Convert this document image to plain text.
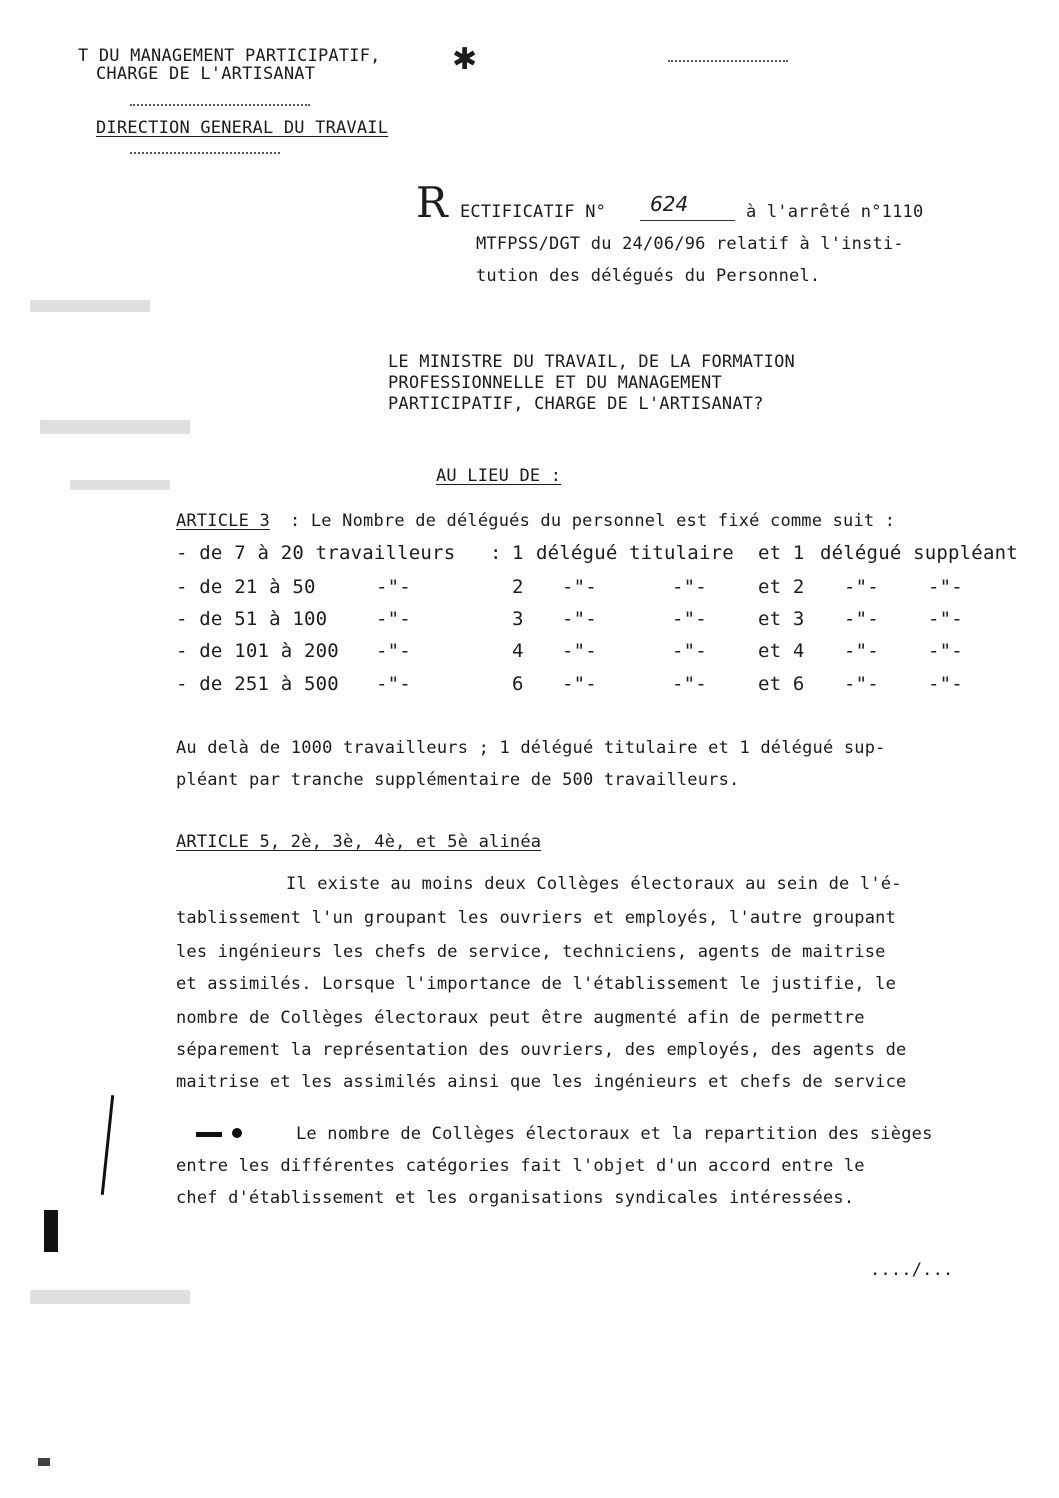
T DU MANAGEMENT PARTICIPATIF,
CHARGE DE L'ARTISANAT	✱
DIRECTION GENERAL DU TRAVAIL
R ECTIFICATIF N° 624	à l'arrêté n°1110
MTFPSS/DGT du 24/06/96 relatif à l'insti-
tution des délégués du Personnel.
LE MINISTRE DU TRAVAIL, DE LA FORMATION
PROFESSIONNELLE ET DU MANAGEMENT
PARTICIPATIF, CHARGE DE L'ARTISANAT?
AU LIEU DE :
ARTICLE 3 : Le Nombre de délégués du personnel est fixé comme suit :
- de 7 à 20 travailleurs : 1 délégué titulaire et 1 délégué suppléant
- de 21 à 50	-"-	2 -"-	-"-	et 2 -"-	-"-
- de 51 à 100	-"-	3 -"-	-"-	et 3 -"-	-"-
- de 101 à 200 -"-	4 -"-	-"-	et 4 -"-	-"-
- de 251 à 500 -"-	6 -"-	-"-	et 6 -"-	-"-
Au delà de 1000 travailleurs ; 1 délégué titulaire et 1 délégué sup-
pléant par tranche supplémentaire de 500 travailleurs.
ARTICLE 5, 2è, 3è, 4è, et 5è alinéa
Il existe au moins deux Collèges électoraux au sein de l'é-
tablissement l'un groupant les ouvriers et employés, l'autre groupant
les ingénieurs les chefs de service, techniciens, agents de maitrise
et assimilés. Lorsque l'importance de l'établissement le justifie, le
nombre de Collèges électoraux peut être augmenté afin de permettre
séparement la représentation des ouvriers, des employés, des agents de
maitrise et les assimilés ainsi que les ingénieurs et chefs de service
Le nombre de Collèges électoraux et la repartition des sièges
entre les différentes catégories fait l'objet d'un accord entre le
chef d'établissement et les organisations syndicales intéressées.
..../...
